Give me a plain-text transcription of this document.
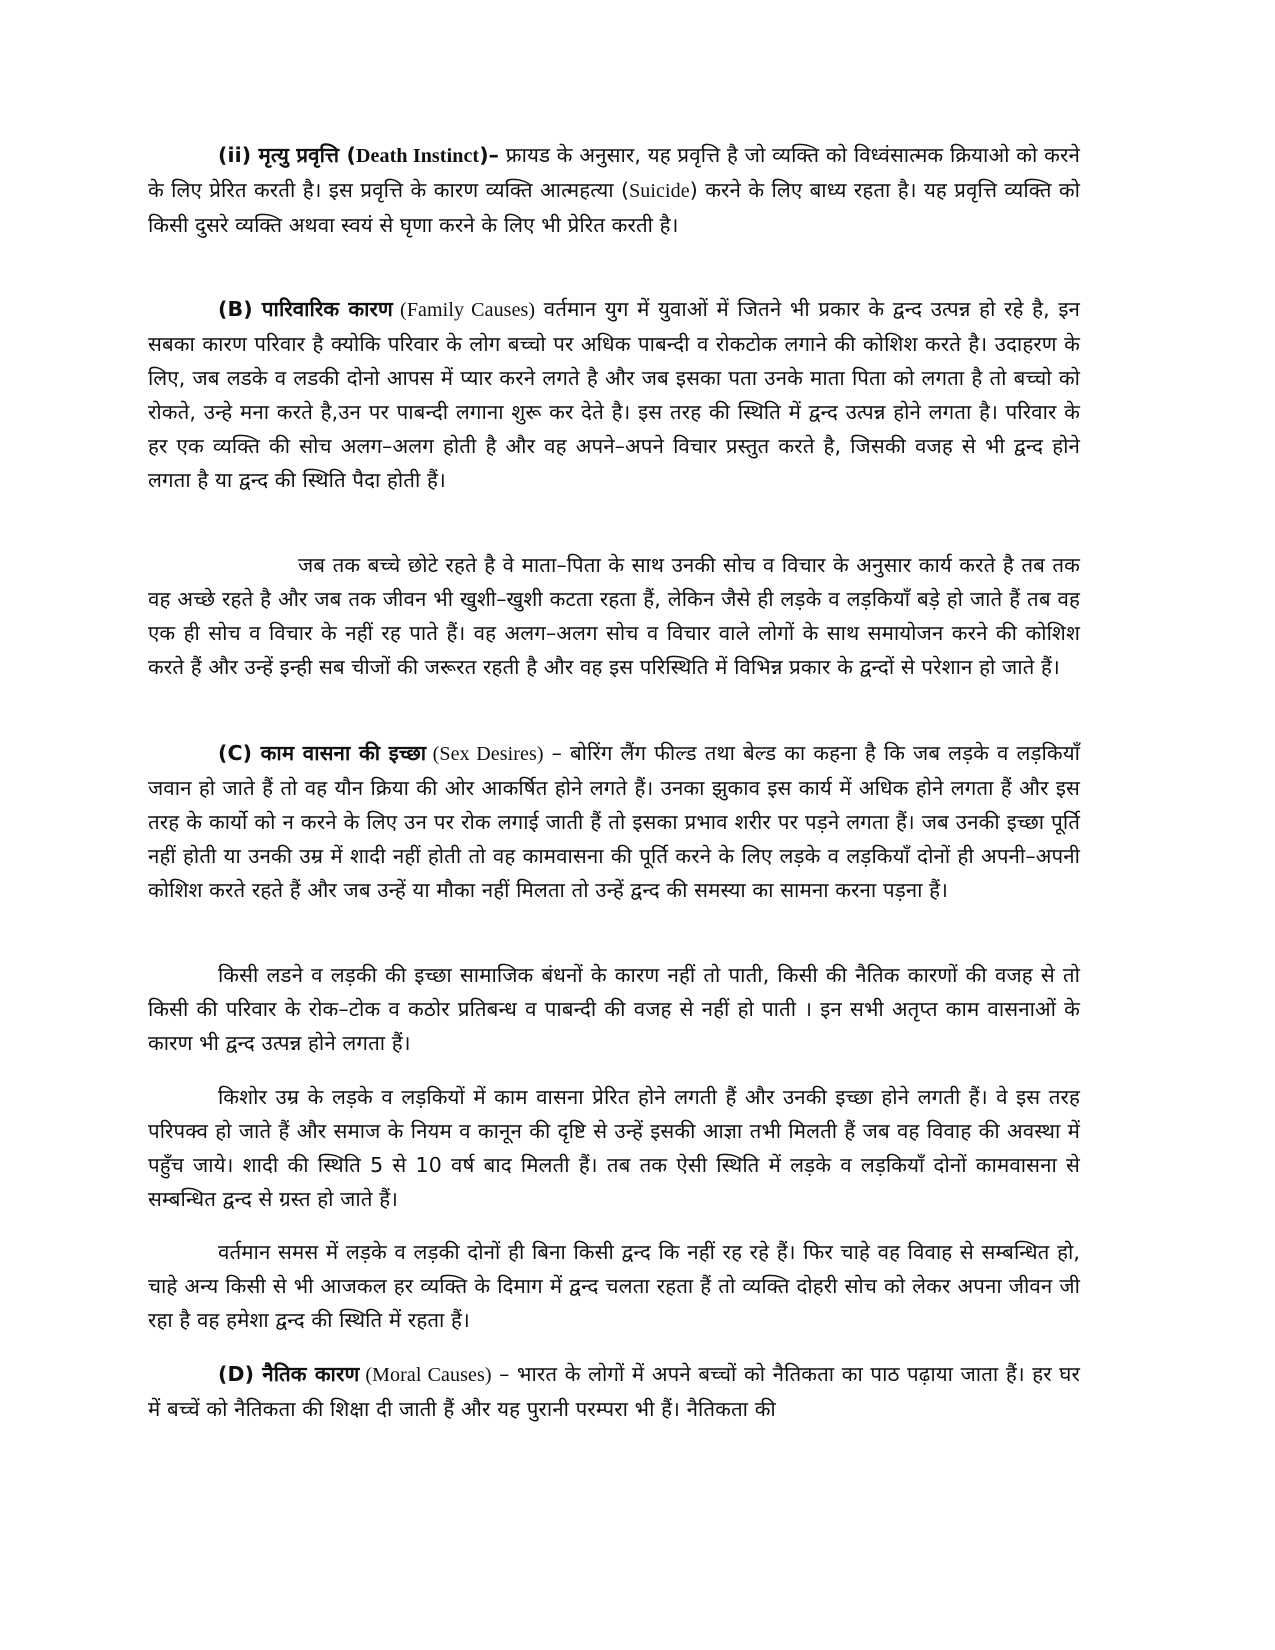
(ii) मृत्यु प्रवृत्ति (Death Instinct)– फ्रायड के अनुसार, यह प्रवृत्ति है जो व्यक्ति को विध्वंसात्मक क्रियाओ को करने के लिए प्रेरित करती है। इस प्रवृत्ति के कारण व्यक्ति आत्महत्या (Suicide) करने के लिए बाध्य रहता है। यह प्रवृत्ति व्यक्ति को किसी दुसरे व्यक्ति अथवा स्वयं से घृणा करने के लिए भी प्रेरित करती है।

(B) पारिवारिक कारण (Family Causes) वर्तमान युग में युवाओं में जितने भी प्रकार के द्वन्द उत्पन्न हो रहे है, इन सबका कारण परिवार है क्योकि परिवार के लोग बच्चो पर अधिक पाबन्दी व रोकटोक लगाने की कोशिश करते है। उदाहरण के लिए, जब लडके व लडकी दोनो आपस में प्यार करने लगते है और जब इसका पता उनके माता पिता को लगता है तो बच्चो को रोकते, उन्हे मना करते है,उन पर पाबन्दी लगाना शुरू कर देते है। इस तरह की स्थिति में द्वन्द उत्पन्न होने लगता है। परिवार के हर एक व्यक्ति की सोच अलग–अलग होती है और वह अपने–अपने विचार प्रस्तुत करते है, जिसकी वजह से भी द्वन्द होने लगता है या द्वन्द की स्थिति पैदा होती हैं।

जब तक बच्चे छोटे रहते है वे माता–पिता के साथ उनकी सोच व विचार के अनुसार कार्य करते है तब तक वह अच्छे रहते है और जब तक जीवन भी खुशी–खुशी कटता रहता हैं, लेकिन जैसे ही लड़के व लड़कियाँ बड़े हो जाते हैं तब वह एक ही सोच व विचार के नहीं रह पाते हैं। वह अलग–अलग सोच व विचार वाले लोगों के साथ समायोजन करने की कोशिश करते हैं और उन्हें इन्ही सब चीजों की जरूरत रहती है और वह इस परिस्थिति में विभिन्न प्रकार के द्वन्दों से परेशान हो जाते हैं।

(C) काम वासना की इच्छा (Sex Desires) – बोरिंग लैंग फील्ड तथा बेल्ड का कहना है कि जब लड़के व लड़कियाँ जवान हो जाते हैं तो वह यौन क्रिया की ओर आकर्षित होने लगते हैं। उनका झुकाव इस कार्य में अधिक होने लगता हैं और इस तरह के कार्यो को न करने के लिए उन पर रोक लगाई जाती हैं तो इसका प्रभाव शरीर पर पड़ने लगता हैं। जब उनकी इच्छा पूर्ति नहीं होती या उनकी उम्र में शादी नहीं होती तो वह कामवासना की पूर्ति करने के लिए लड़के व लड़कियाँ दोनों ही अपनी–अपनी कोशिश करते रहते हैं और जब उन्हें या मौका नहीं मिलता तो उन्हें द्वन्द की समस्या का सामना करना पड़ना हैं।

किसी लडने व लड़की की इच्छा सामाजिक बंधनों के कारण नहीं तो पाती, किसी की नैतिक कारणों की वजह से तो किसी की परिवार के रोक–टोक व कठोर प्रतिबन्ध व पाबन्दी की वजह से नहीं हो पाती । इन सभी अतृप्त काम वासनाओं के कारण भी द्वन्द उत्पन्न होने लगता हैं।

किशोर उम्र के लड़के व लड़कियों में काम वासना प्रेरित होने लगती हैं और उनकी इच्छा होने लगती हैं। वे इस तरह परिपक्व हो जाते हैं और समाज के नियम व कानून की दृष्टि से उन्हें इसकी आज्ञा तभी मिलती हैं जब वह विवाह की अवस्था में पहुँच जाये। शादी की स्थिति 5 से 10 वर्ष बाद मिलती हैं। तब तक ऐसी स्थिति में लड़के व लड़कियाँ दोनों कामवासना से सम्बन्धित द्वन्द से ग्रस्त हो जाते हैं।

वर्तमान समस में लड़के व लड़की दोनों ही बिना किसी द्वन्द कि नहीं रह रहे हैं। फिर चाहे वह विवाह से सम्बन्धित हो, चाहे अन्य किसी से भी आजकल हर व्यक्ति के दिमाग में द्वन्द चलता रहता हैं तो व्यक्ति दोहरी सोच को लेकर अपना जीवन जी रहा है वह हमेशा द्वन्द की स्थिति में रहता हैं।

(D) नैतिक कारण (Moral Causes) – भारत के लोगों में अपने बच्चों को नैतिकता का पाठ पढ़ाया जाता हैं। हर घर में बच्चें को नैतिकता की शिक्षा दी जाती हैं और यह पुरानी परम्परा भी हैं। नैतिकता की
